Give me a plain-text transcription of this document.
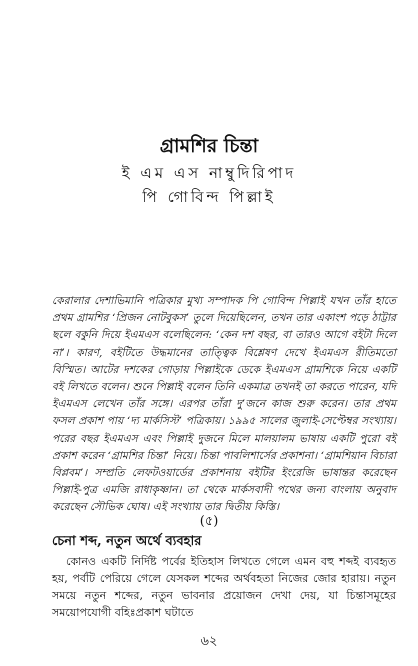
গ্রামশির চিন্তা
ই এম এস নাম্বুদিরিপাদ
পি গোবিন্দ পিল্লাই

কেরালার দেশাভিমানি পত্রিকার মুখ্য সম্পাদক পি গোবিন্দ পিল্লাই যখন তাঁর হাতে প্রথম গ্রামশির ‘প্রিজন নোটবুকস’ তুলে দিয়েছিলেন, তখন তার একাংশ পড়ে ঠাট্টার ছলে বকুনি দিয়ে ইএমএস বলেছিলেন: ‘কেন দশ বছর, বা তারও আগে বইটা দিলে না’। কারণ, বইটিতে উদ্ধমানের তাত্ত্বিক বিশ্লেষণ দেখে ইএমএস রীতিমতো বিস্মিত। আটের দশকের গোড়ায় পিল্লাইকে ডেকে ইএমএস গ্রামশিকে নিয়ে একটি বই লিখতে বলেন। শুনে পিল্লাই বলেন তিনি একমাত্র তখনই তা করতে পারেন, যদি ইএমএস লেখেন তাঁর সঙ্গে। এরপর তাঁরা দু’জনে কাজ শুরু করেন। তার প্রথম ফসল প্রকাশ পায় ‘দ্য মার্কসিস্ট’ পত্রিকায়। ১৯৯৫ সালের জুলাই-সেপ্টেম্বর সংখ্যায়। পরের বছর ইএমএস এবং পিল্লাই দুজনে মিলে মালয়ালম ভাষায় একটি পুরো বই প্রকাশ করেন ‘গ্রামশির চিন্তা’ নিয়ে। চিন্তা পাবলিশার্সের প্রকাশনা। ‘গ্রামশিয়ান বিচারা বিপ্লবম’। সম্প্রতি লেফটওয়ার্ডের প্রকাশনায় বইটির ইংরেজি ভাষান্তর করেছেন পিল্লাই-পুত্র এমজি রাধাকৃষ্ণান। তা থেকে মার্কসবাদী পথের জন্য বাংলায় অনুবাদ করেছেন সৌভিক ঘোষ। এই সংখ্যায় তার দ্বিতীয় কিস্তি।

(৫)
চেনা শব্দ, নতুন অর্থে ব্যবহার

কোনও একটি নির্দিষ্ট পর্বের ইতিহাস লিখতে গেলে এমন বহু শব্দই ব্যবহৃত হয়, পর্বটি পেরিয়ে গেলে যেসকল শব্দের অর্থবহতা নিজের জোর হারায়। নতুন সময়ে নতুন শব্দের, নতুন ভাবনার প্রয়োজন দেখা দেয়, যা চিন্তাসমূহের সময়োপযোগী বহিঃপ্রকাশ ঘটাতে

৬২
